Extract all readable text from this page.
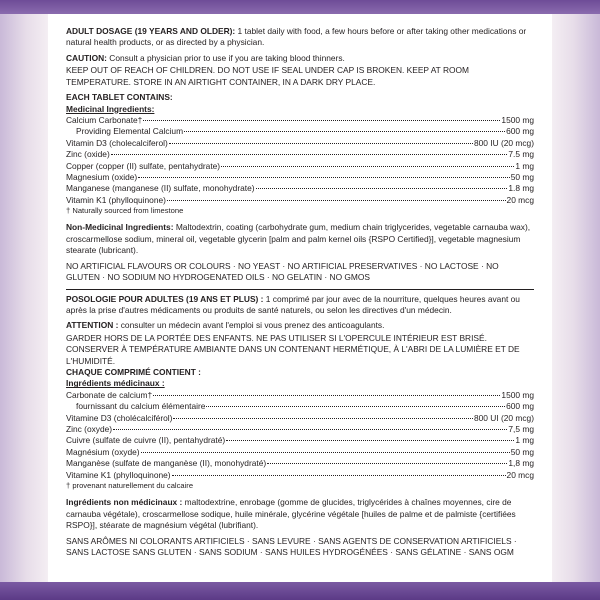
ADULT DOSAGE (19 YEARS AND OLDER): 1 tablet daily with food, a few hours before or after taking other medications or natural health products, or as directed by a physician.

CAUTION: Consult a physician prior to use if you are taking blood thinners.

KEEP OUT OF REACH OF CHILDREN. DO NOT USE IF SEAL UNDER CAP IS BROKEN. KEEP AT ROOM TEMPERATURE. STORE IN AN AIRTIGHT CONTAINER, IN A DARK DRY PLACE.

EACH TABLET CONTAINS:

Medicinal Ingredients:

Calcium Carbonate†	1500 mg
Providing Elemental Calcium	600 mg
Vitamin D3 (cholecalciferol)	800 IU (20 mcg)
Zinc (oxide)	7.5 mg
Copper (copper (II) sulfate, pentahydrate)	1 mg
Magnesium (oxide)	50 mg
Manganese (manganese (II) sulfate, monohydrate)	1.8 mg
Vitamin K1 (phylloquinone)	20 mcg

† Naturally sourced from limestone

Non-Medicinal Ingredients: Maltodextrin, coating (carbohydrate gum, medium chain triglycerides, vegetable carnauba wax), croscarmellose sodium, mineral oil, vegetable glycerin [palm and palm kernel oils {RSPO Certified}], vegetable magnesium stearate (lubricant).

NO ARTIFICIAL FLAVOURS OR COLOURS · NO YEAST · NO ARTIFICIAL PRESERVATIVES · NO LACTOSE · NO GLUTEN · NO SODIUM NO HYDROGENATED OILS · NO GELATIN · NO GMOS

POSOLOGIE POUR ADULTES (19 ANS ET PLUS) : 1 comprimé par jour avec de la nourriture, quelques heures avant ou après la prise d'autres médicaments ou produits de santé naturels, ou selon les directives d'un médecin.

ATTENTION : consulter un médecin avant l'emploi si vous prenez des anticoagulants.

GARDER HORS DE LA PORTÉE DES ENFANTS. NE PAS UTILISER SI L'OPERCULE INTÉRIEUR EST BRISÉ. CONSERVER À TEMPÉRATURE AMBIANTE DANS UN CONTENANT HERMÉTIQUE, À L'ABRI DE LA LUMIÈRE ET DE L'HUMIDITÉ.

CHAQUE COMPRIMÉ CONTIENT :

Ingrédients médicinaux :

Carbonate de calcium†	1500 mg
fournissant du calcium élémentaire	600 mg
Vitamine D3 (cholécalciférol)	800 UI (20 mcg)
Zinc (oxyde)	7,5 mg
Cuivre (sulfate de cuivre (II), pentahydraté)	1 mg
Magnésium (oxyde)	50 mg
Manganèse (sulfate de manganèse (II), monohydraté)	1,8 mg
Vitamine K1 (phylloquinone)	20 mcg

† provenant naturellement du calcaire

Ingrédients non médicinaux : maltodextrine, enrobage (gomme de glucides, triglycérides à chaînes moyennes, cire de carnauba végétale), croscarmellose sodique, huile minérale, glycérine végétale [huiles de palme et de palmiste {certifiées RSPO}], stéarate de magnésium végétal (lubrifiant).

SANS ARÔMES NI COLORANTS ARTIFICIELS · SANS LEVURE · SANS AGENTS DE CONSERVATION ARTIFICIELS · SANS LACTOSE SANS GLUTEN · SANS SODIUM · SANS HUILES HYDROGÉNÉES · SANS GÉLATINE · SANS OGM
